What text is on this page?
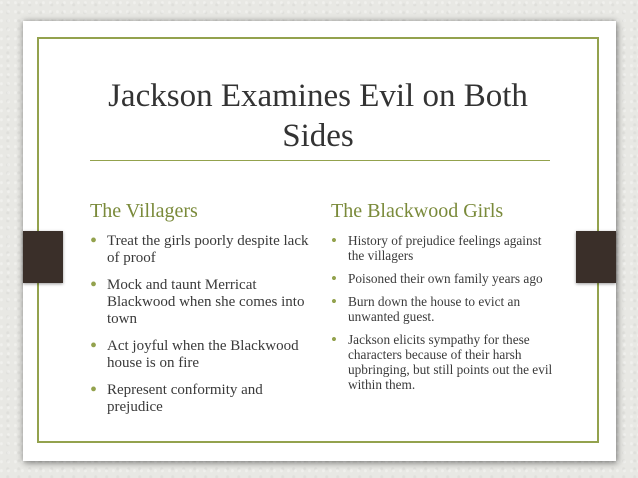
Jackson Examines Evil on Both Sides
The Villagers
• Treat the girls poorly despite lack of proof
• Mock and taunt Merricat Blackwood when she comes into town
• Act joyful when the Blackwood house is on fire
• Represent conformity and prejudice
The Blackwood Girls
• History of prejudice feelings against the villagers
• Poisoned their own family years ago
• Burn down the house to evict an unwanted guest.
• Jackson elicits sympathy for these characters because of their harsh upbringing, but still points out the evil within them.
